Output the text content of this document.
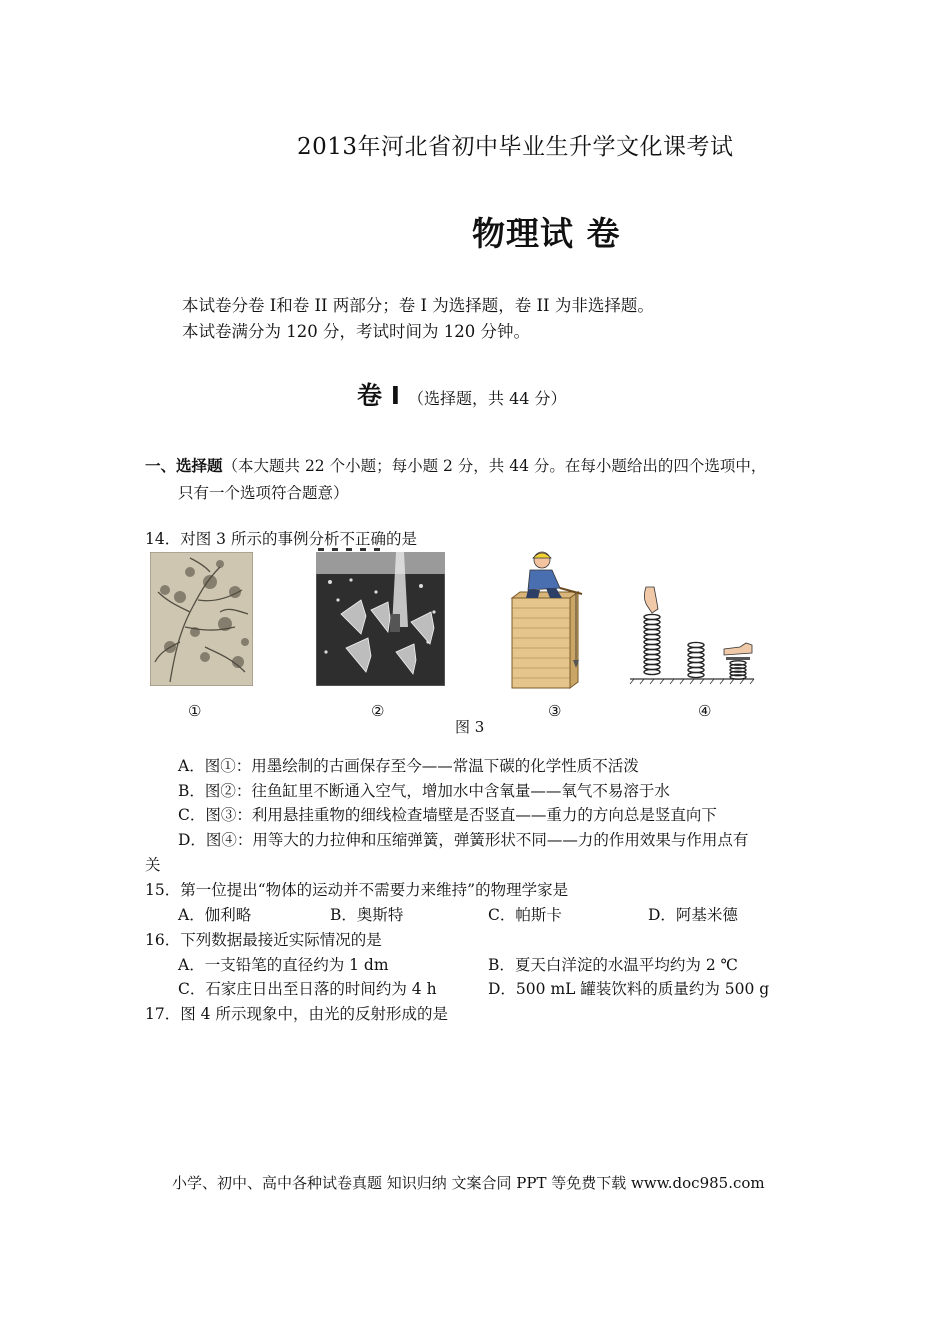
2013年河北省初中毕业生升学文化课考试
物理试 卷
本试卷分卷 I和卷 II 两部分；卷 I 为选择题，卷 II 为非选择题。
本试卷满分为 120 分，考试时间为 120 分钟。
卷 I （选择题，共 44 分）
一、选择题（本大题共 22 个小题；每小题 2 分，共 44 分。在每小题给出的四个选项中，
只有一个选项符合题意）
14．对图 3 所示的事例分析不正确的是
①	②	③	④
图 3
A．图①：用墨绘制的古画保存至今——常温下碳的化学性质不活泼
B．图②：往鱼缸里不断通入空气，增加水中含氧量——氧气不易溶于水
C．图③：利用悬挂重物的细线检查墙壁是否竖直——重力的方向总是竖直向下
D．图④：用等大的力拉伸和压缩弹簧，弹簧形状不同——力的作用效果与作用点有
关
15．第一位提出“物体的运动并不需要力来维持”的物理学家是
A．伽利略	B．奥斯特	C．帕斯卡	D．阿基米德
16．下列数据最接近实际情况的是
A．一支铅笔的直径约为 1 dm	B．夏天白洋淀的水温平均约为 2 ℃
C．石家庄日出至日落的时间约为 4 h	D．500 mL 罐装饮料的质量约为 500 g
17．图 4 所示现象中，由光的反射形成的是
小学、初中、高中各种试卷真题 知识归纳 文案合同 PPT 等免费下载 www.doc985.com
